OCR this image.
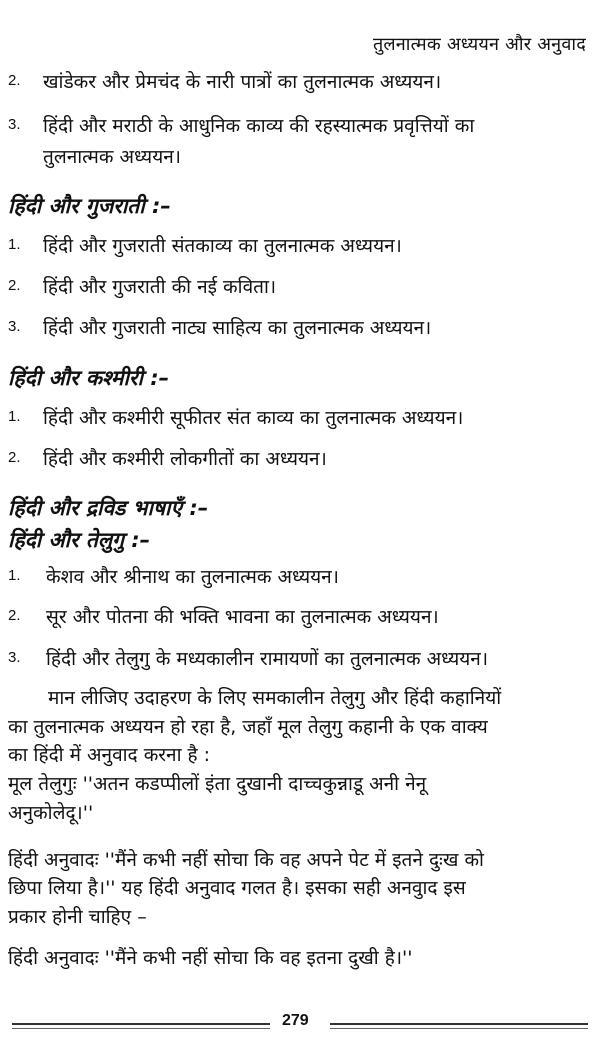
तुलनात्मक अध्ययन और अनुवाद
2. खांडेकर और प्रेमचंद के नारी पात्रों का तुलनात्मक अध्ययन।
3. हिंदी और मराठी के आधुनिक काव्य की रहस्यात्मक प्रवृत्तियों का
तुलनात्मक अध्ययन।
हिंदी और गुजराती :–
1. हिंदी और गुजराती संतकाव्य का तुलनात्मक अध्ययन।
2. हिंदी और गुजराती की नई कविता।
3. हिंदी और गुजराती नाट्य साहित्य का तुलनात्मक अध्ययन।
हिंदी और कश्मीरी :–
1. हिंदी और कश्मीरी सूफीतर संत काव्य का तुलनात्मक अध्ययन।
2. हिंदी और कश्मीरी लोकगीतों का अध्ययन।
हिंदी और द्रविड भाषाएँ :–
हिंदी और तेलुगु :–
1. केशव और श्रीनाथ का तुलनात्मक अध्ययन।
2. सूर और पोतना की भक्ति भावना का तुलनात्मक अध्ययन।
3. हिंदी और तेलुगु के मध्यकालीन रामायणों का तुलनात्मक अध्ययन।
मान लीजिए उदाहरण के लिए समकालीन तेलुगु और हिंदी कहानियों
का तुलनात्मक अध्ययन हो रहा है, जहाँ मूल तेलुगु कहानी के एक वाक्य
का हिंदी में अनुवाद करना है :
मूल तेलुगुः ''अतन कडप्पीलों इंता दुखानी दाच्चकुन्नाडू अनी नेनू
अनुकोलेदू।''
हिंदी अनुवादः ''मैंने कभी नहीं सोचा कि वह अपने पेट में इतने दुःख को
छिपा लिया है।'' यह हिंदी अनुवाद गलत है। इसका सही अनवुाद इस
प्रकार होनी चाहिए –
हिंदी अनुवादः ''मैंने कभी नहीं सोचा कि वह इतना दुखी है।''
279
